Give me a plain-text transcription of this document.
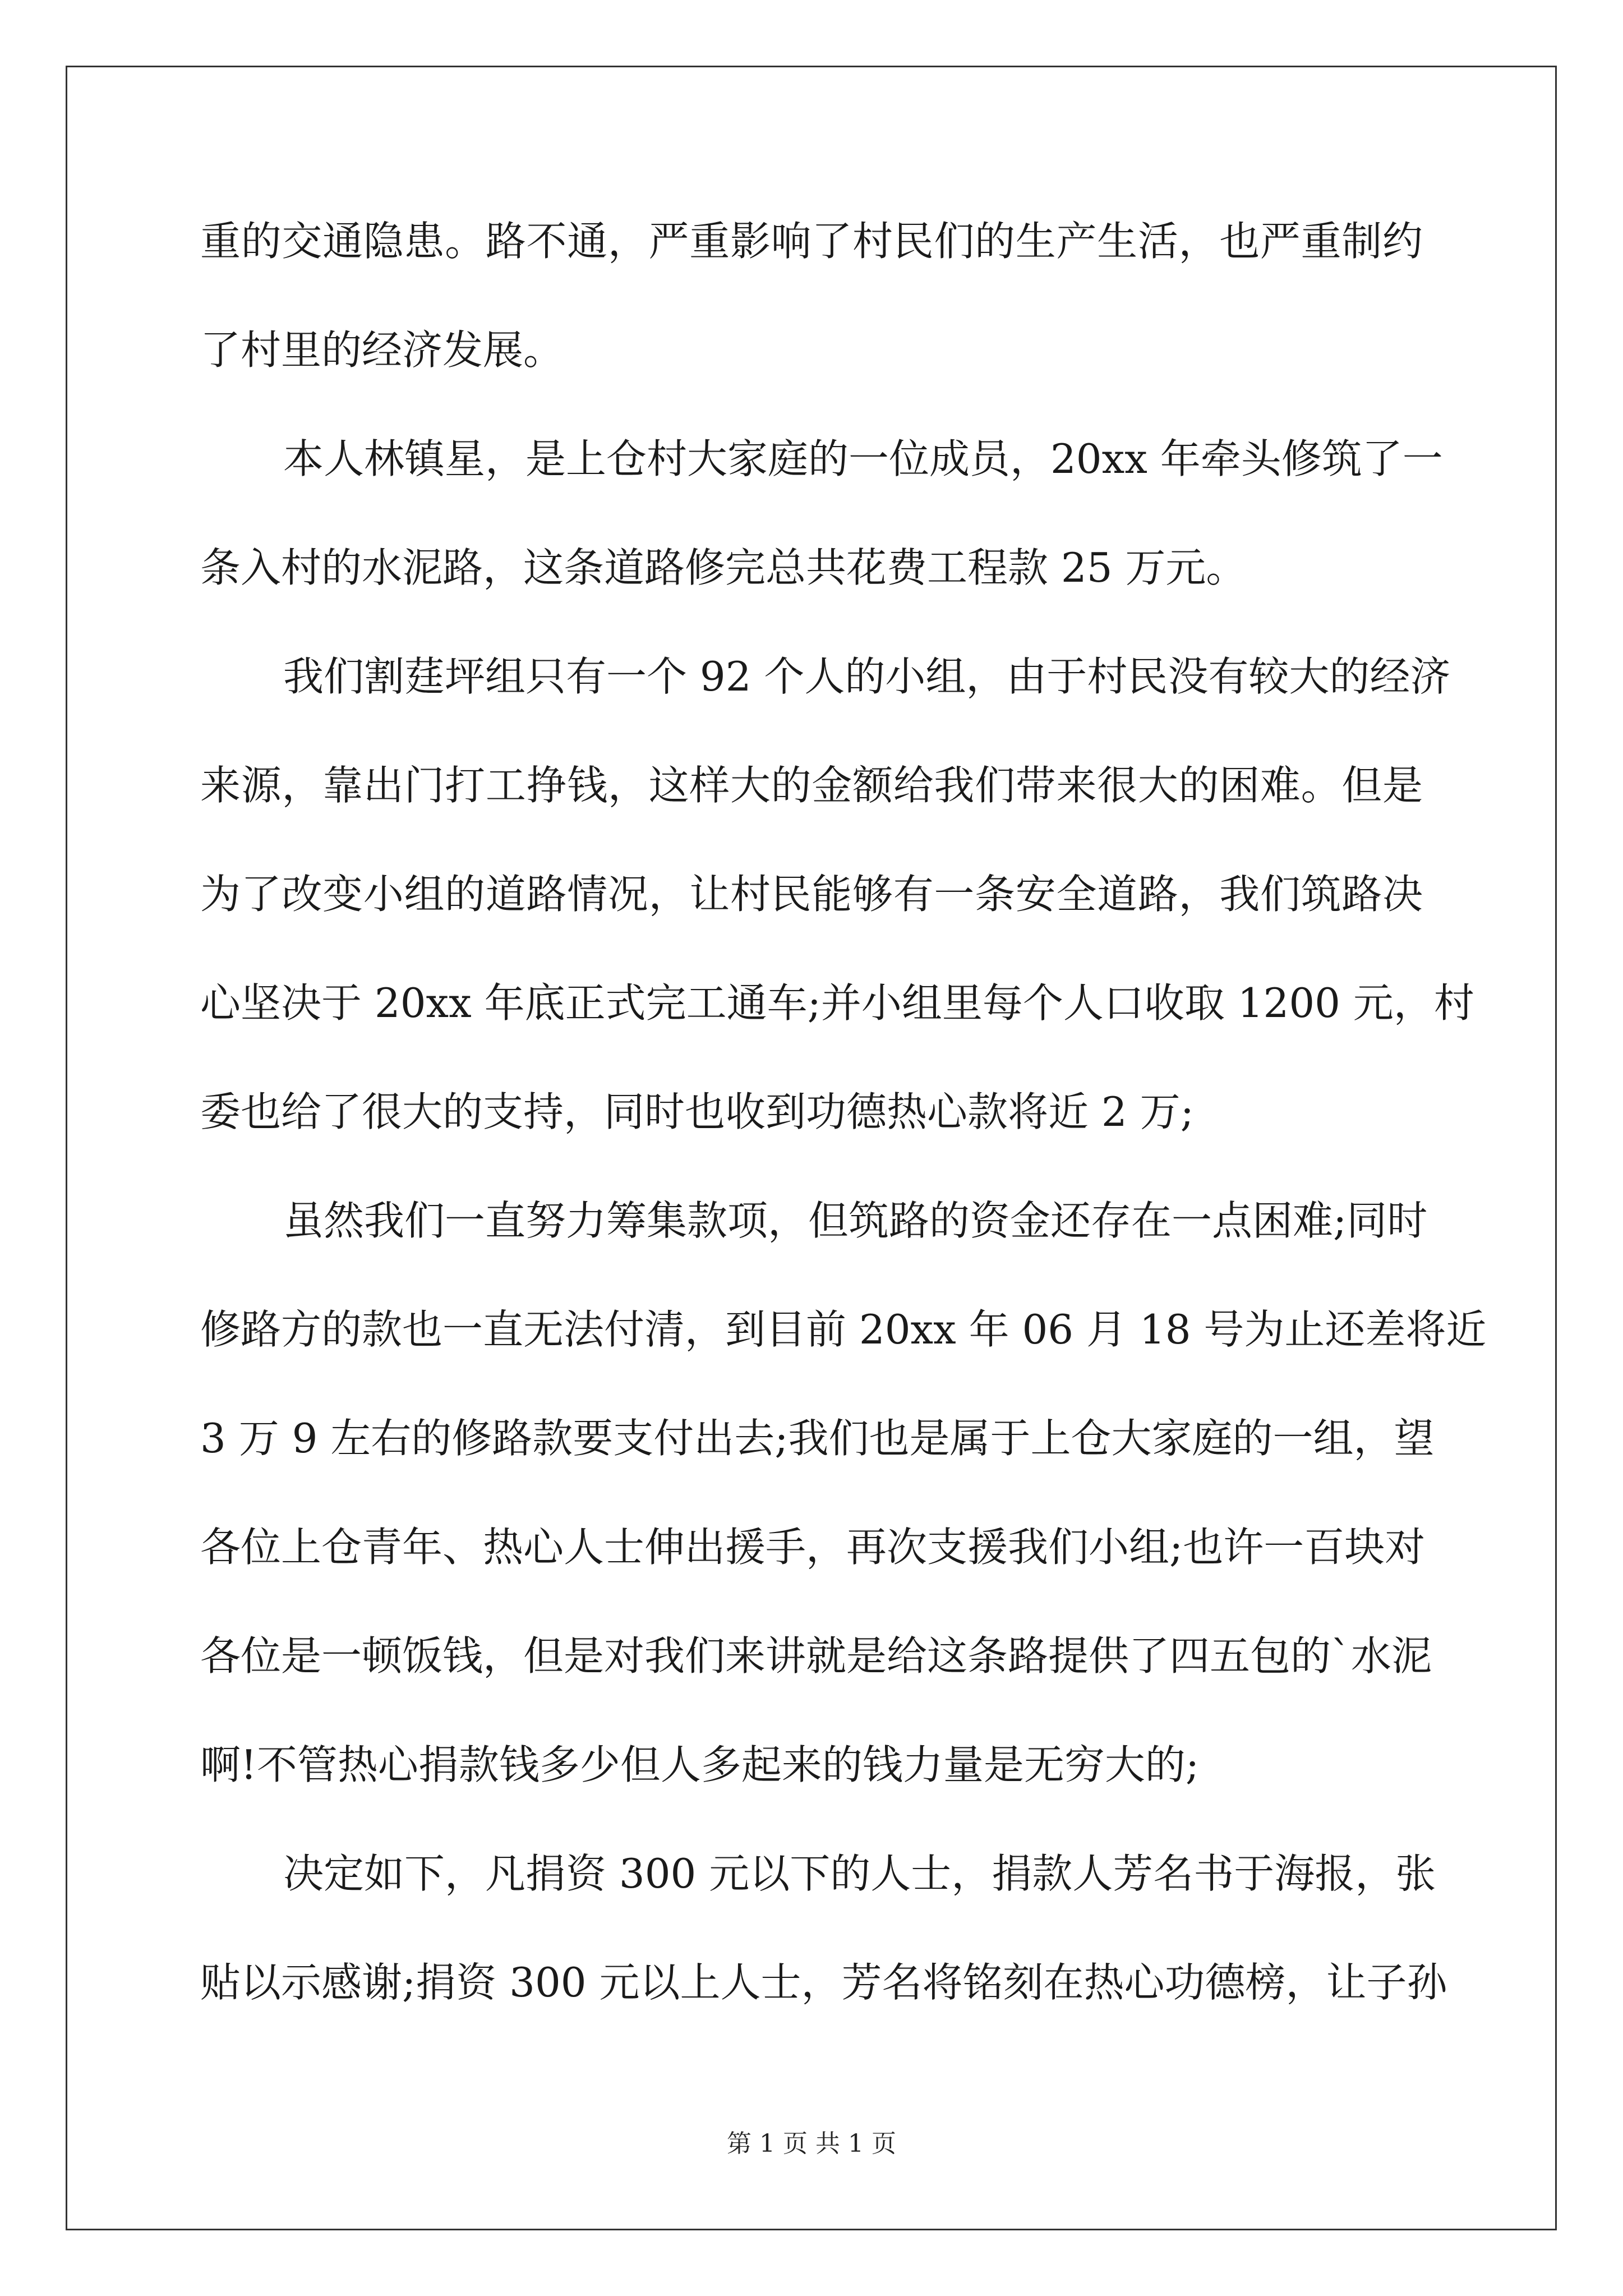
重的交通隐患。路不通，严重影响了村民们的生产生活，也严重制约
了村里的经济发展。
本人林镇星，是上仓村大家庭的一位成员，20xx 年牵头修筑了一
条入村的水泥路，这条道路修完总共花费工程款 25 万元。
我们割莛坪组只有一个 92 个人的小组，由于村民没有较大的经济
来源，靠出门打工挣钱，这样大的金额给我们带来很大的困难。但是
为了改变小组的道路情况，让村民能够有一条安全道路，我们筑路决
心坚决于 20xx 年底正式完工通车;并小组里每个人口收取 1200 元，村
委也给了很大的支持，同时也收到功德热心款将近 2 万;
虽然我们一直努力筹集款项，但筑路的资金还存在一点困难;同时
修路方的款也一直无法付清，到目前 20xx 年 06 月 18 号为止还差将近
3 万 9 左右的修路款要支付出去;我们也是属于上仓大家庭的一组，望
各位上仓青年、热心人士伸出援手，再次支援我们小组;也许一百块对
各位是一顿饭钱，但是对我们来讲就是给这条路提供了四五包的`水泥
啊!不管热心捐款钱多少但人多起来的钱力量是无穷大的;
决定如下，凡捐资 300 元以下的人士，捐款人芳名书于海报，张
贴以示感谢;捐资 300 元以上人士，芳名将铭刻在热心功德榜，让子孙
第 1 页 共 1 页
